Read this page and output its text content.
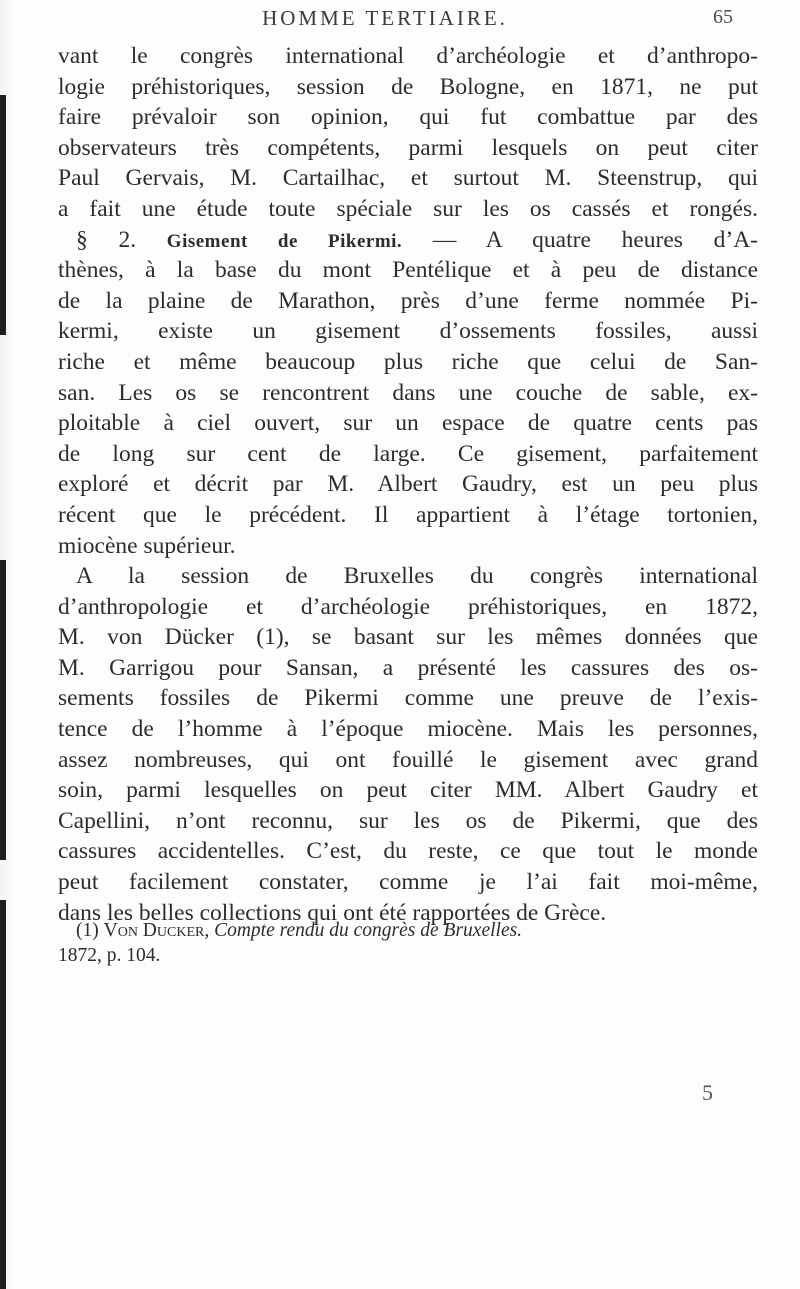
HOMME TERTIAIRE.	65
vant le congrès international d’archéologie et d’anthropo-
logie préhistoriques, session de Bologne, en 1871, ne put
faire prévaloir son opinion, qui fut combattue par des
observateurs très compétents, parmi lesquels on peut citer
Paul Gervais, M. Cartailhac, et surtout M. Steenstrup, qui
a fait une étude toute spéciale sur les os cassés et rongés.
§ 2. Gisement de Pikermi. — A quatre heures d’A-
thènes, à la base du mont Pentélique et à peu de distance
de la plaine de Marathon, près d’une ferme nommée Pi-
kermi, existe un gisement d’ossements fossiles, aussi
riche et même beaucoup plus riche que celui de San-
san. Les os se rencontrent dans une couche de sable, ex-
ploitable à ciel ouvert, sur un espace de quatre cents pas
de long sur cent de large. Ce gisement, parfaitement
exploré et décrit par M. Albert Gaudry, est un peu plus
récent que le précédent. Il appartient à l’étage tortonien,
miocène supérieur.
A la session de Bruxelles du congrès international
d’anthropologie et d’archéologie préhistoriques, en 1872,
M. von Dücker (1), se basant sur les mêmes données que
M. Garrigou pour Sansan, a présenté les cassures des os-
sements fossiles de Pikermi comme une preuve de l’exis-
tence de l’homme à l’époque miocène. Mais les personnes,
assez nombreuses, qui ont fouillé le gisement avec grand
soin, parmi lesquelles on peut citer MM. Albert Gaudry et
Capellini, n’ont reconnu, sur les os de Pikermi, que des
cassures accidentelles. C’est, du reste, ce que tout le monde
peut facilement constater, comme je l’ai fait moi-même,
dans les belles collections qui ont été rapportées de Grèce.
(1) Von Ducker, Compte rendu du congrès de Bruxelles.
1872, p. 104.
5
